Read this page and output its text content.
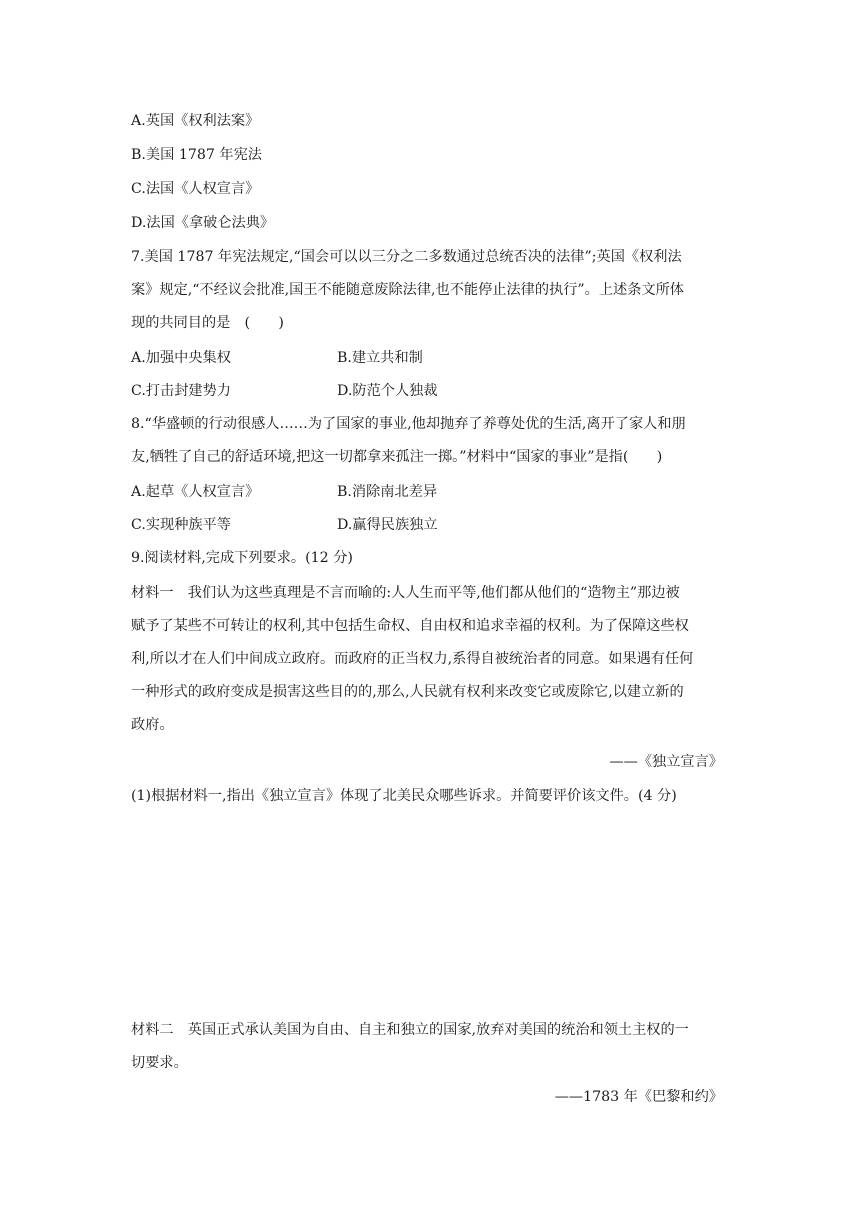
A.英国《权利法案》
B.美国 1787 年宪法
C.法国《人权宣言》
D.法国《拿破仑法典》
7.美国 1787 年宪法规定,“国会可以以三分之二多数通过总统否决的法律”;英国《权利法
案》规定,“不经议会批准,国王不能随意废除法律,也不能停止法律的执行”。上述条文所体
现的共同目的是　(　　)
A.加强中央集权	B.建立共和制
C.打击封建势力	D.防范个人独裁
8.“华盛顿的行动很感人……为了国家的事业,他却抛弃了养尊处优的生活,离开了家人和朋
友,牺牲了自己的舒适环境,把这一切都拿来孤注一掷。”材料中“国家的事业”是指(　　)
A.起草《人权宣言》	B.消除南北差异
C.实现种族平等	D.赢得民族独立
9.阅读材料,完成下列要求。(12 分)
材料一　我们认为这些真理是不言而喻的:人人生而平等,他们都从他们的“造物主”那边被
赋予了某些不可转让的权利,其中包括生命权、自由权和追求幸福的权利。为了保障这些权
利,所以才在人们中间成立政府。而政府的正当权力,系得自被统治者的同意。如果遇有任何
一种形式的政府变成是损害这些目的的,那么,人民就有权利来改变它或废除它,以建立新的
政府。
——《独立宣言》
(1)根据材料一,指出《独立宣言》体现了北美民众哪些诉求。并简要评价该文件。(4 分)
材料二　英国正式承认美国为自由、自主和独立的国家,放弃对美国的统治和领土主权的一
切要求。
——1783 年《巴黎和约》
